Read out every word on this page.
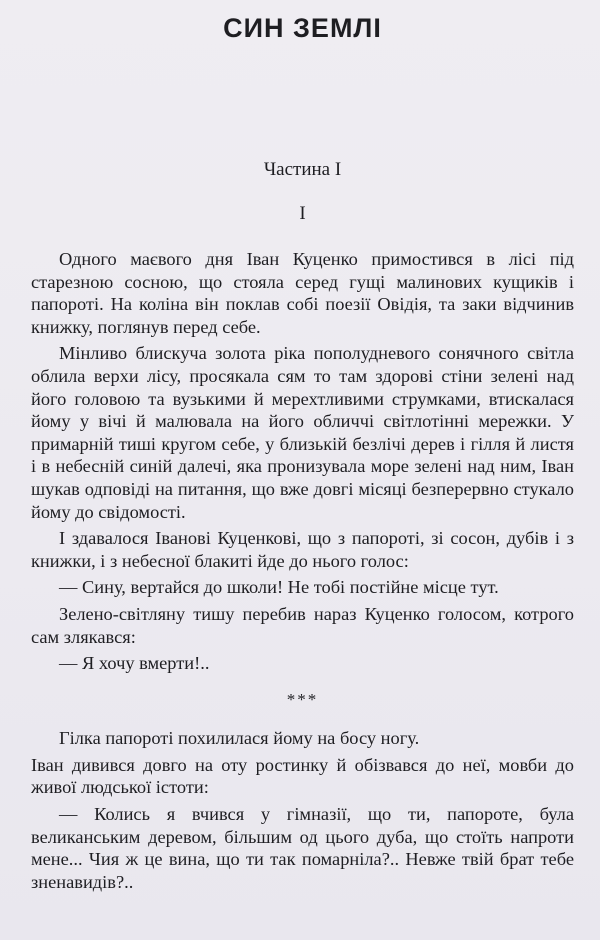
СИН ЗЕМЛІ
Частина І
І

Одного маєвого дня Іван Куценко примостився в лісі під старезною сосною, що стояла серед гущі малинових кущиків і папороті. На коліна він поклав собі поезії Овідія, та заки відчинив книжку, поглянув перед себе.

Мінливо блискуча золота ріка пополудневого сонячного світла облила верхи лісу, просякала сям то там здорові стіни зелені над його головою та вузькими й мерехтливими струмками, втискалася йому у вічі й малювала на його обличчі світлотінні мережки. У примарній тиші кругом себе, у близькій безлічі дерев і гілля й листя і в небесній синій далечі, яка пронизувала море зелені над ним, Іван шукав одповіді на питання, що вже довгі місяці безперервно стукало йому до свідомості.

І здавалося Іванові Куценкові, що з папороті, зі сосон, дубів і з книжки, і з небесної блакиті йде до нього голос:

— Сину, вертайся до школи! Не тобі постійне місце тут.

Зелено-світляну тишу перебив нараз Куценко голосом, котрого сам злякався:

— Я хочу вмерти!..

***

Гілка папороті похилилася йому на босу ногу.

Іван дивився довго на оту ростинку й обізвався до неї, мовби до живої людської істоти:

— Колись я вчився у гімназії, що ти, папороте, була великанським деревом, більшим од цього дуба, що стоїть напроти мене... Чия ж це вина, що ти так помарніла?.. Невже твій брат тебе зненавидів?..
